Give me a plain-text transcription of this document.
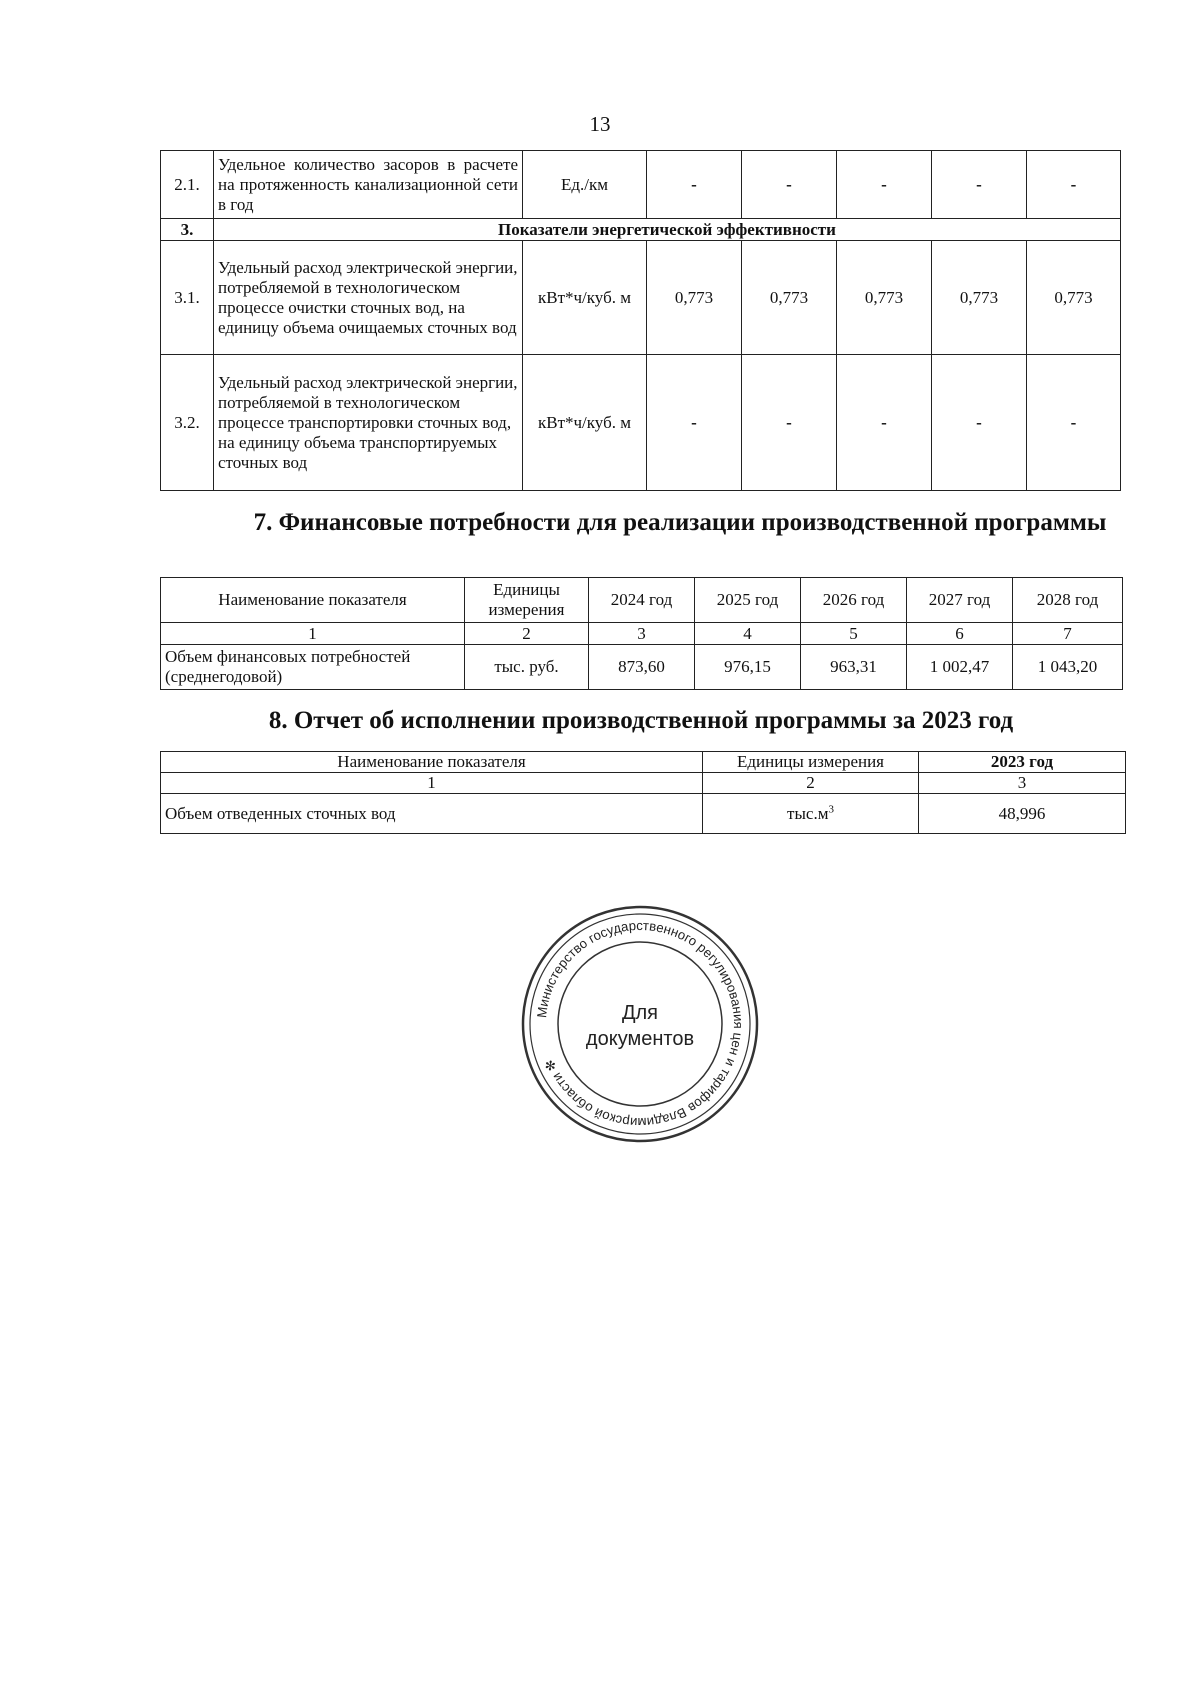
13
2.1.	Удельное количество засоров в расчете на протяженность канализационной сети в год	Ед./км	-	-	-	-	-
3.	Показатели энергетической эффективности						
3.1.	Удельный расход электрической энергии, потребляемой в технологическом процессе очистки сточных вод, на единицу объема очищаемых сточных вод	кВт*ч/куб. м	0,773	0,773	0,773	0,773	0,773
3.2.	Удельный расход электрической энергии, потребляемой в технологическом процессе транспортировки сточных вод, на единицу объема транспортируемых сточных вод	кВт*ч/куб. м	-	-	-	-	-
7. Финансовые потребности для реализации производственной программы
Наименование показателя	Единицы измерения	2024 год	2025 год	2026 год	2027 год	2028 год
1	2	3	4	5	6	7
Объем финансовых потребностей (среднегодовой)	тыс. руб.	873,60	976,15	963,31	1 002,47	1 043,20
8. Отчет об исполнении производственной программы за 2023 год
Наименование показателя	Единицы измерения	2023 год
1	2	3
Объем отведенных сточных вод	$тыс.м^3$	48,996
Министерство государственного регулирования цен и тарифов Владимирской области ✻
Для
документов
